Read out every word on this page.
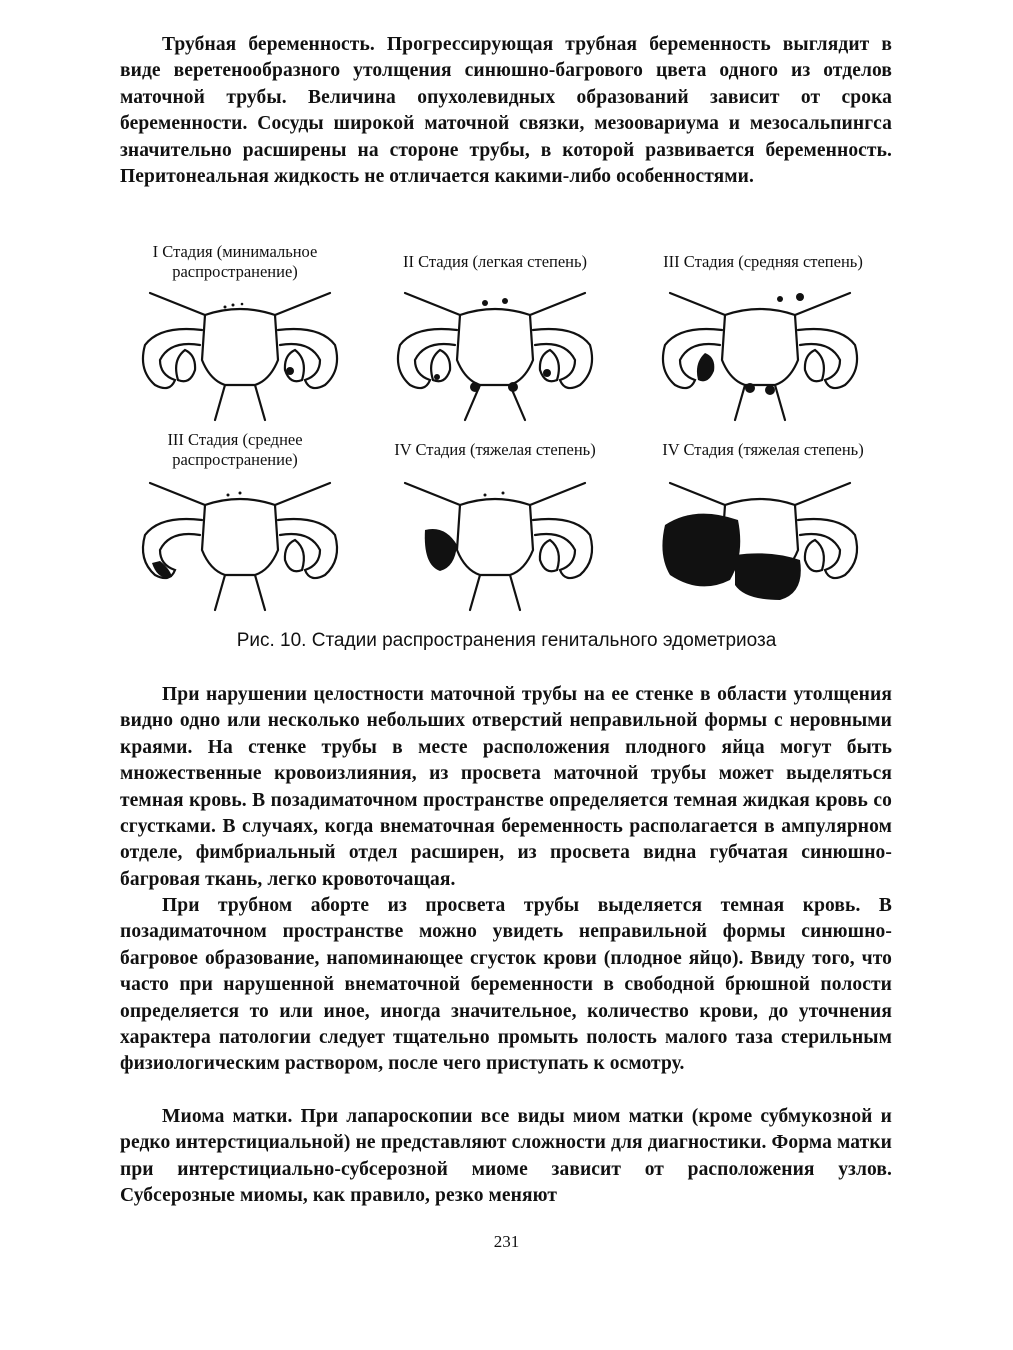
Трубная беременность. Прогрессирующая трубная беременность выглядит в виде веретенообразного утолщения синюшно-багрового цвета одного из отделов маточной трубы. Величина опухолевидных образований зависит от срока беременности. Сосуды широкой маточной связки, мезоовариума и мезосальпингса значительно расширены на стороне трубы, в которой развивается беременность. Перитонеальная жидкость не отличается какими-либо особенностями.

I Стадия (минимальное распространение)

II Стадия (легкая степень)	III Стадия (средняя степень)

III Стадия (среднее распространение)

IV Стадия (тяжелая степень)	IV Стадия (тяжелая степень)

Рис. 10. Стадии распространения генитального эдометриоза

При нарушении целостности маточной трубы на ее стенке в области утолщения видно одно или несколько небольших отверстий неправильной формы с неровными краями. На стенке трубы в месте расположения плодного яйца могут быть множественные кровоизлияния, из просвета маточной трубы может выделяться темная кровь. В позадиматочном пространстве определяется темная жидкая кровь со сгустками. В случаях, когда внематочная беременность располагается в ампулярном отделе, фимбриальный отдел расширен, из просвета видна губчатая синюшно-багровая ткань, легко кровоточащая.

При трубном аборте из просвета трубы выделяется темная кровь. В позадиматочном пространстве можно увидеть неправильной формы синюшно-багровое образование, напоминающее сгусток крови (плодное яйцо). Ввиду того, что часто при нарушенной внематочной беременности в свободной брюшной полости определяется то или иное, иногда значительное, количество крови, до уточнения характера патологии следует тщательно промыть полость малого таза стерильным физиологическим раствором, после чего приступать к осмотру.

Миома матки. При лапароскопии все виды миом матки (кроме субмукозной и редко интерстициальной) не представляют сложности для диагностики. Форма матки при интерстициально-субсерозной миоме зависит от расположения узлов. Субсерозные миомы, как правило, резко меняют

231
